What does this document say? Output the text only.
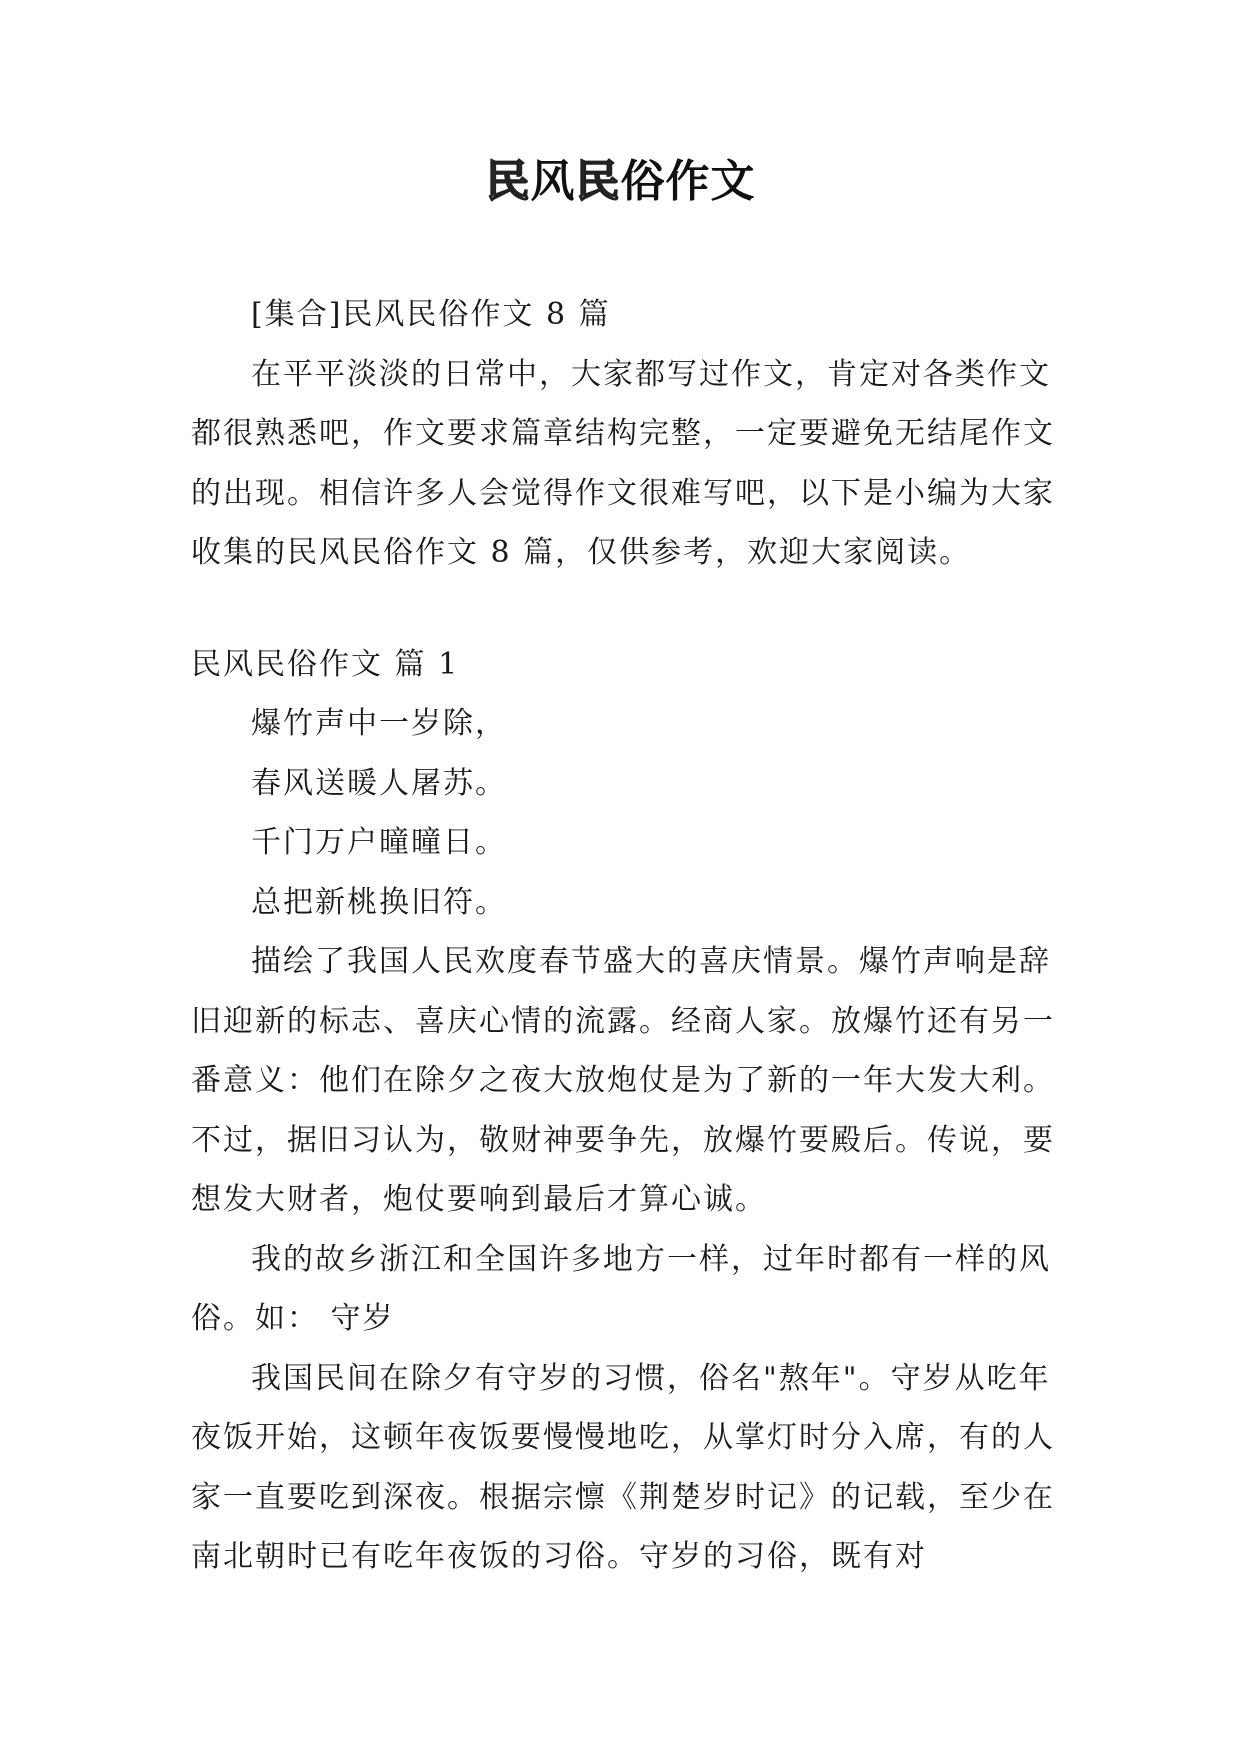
民风民俗作文

[集合]民风民俗作文 8 篇

在平平淡淡的日常中，大家都写过作文，肯定对各类作文都很熟悉吧，作文要求篇章结构完整，一定要避免无结尾作文的出现。相信许多人会觉得作文很难写吧，以下是小编为大家收集的民风民俗作文 8 篇，仅供参考，欢迎大家阅读。

民风民俗作文 篇 1

爆竹声中一岁除，

春风送暖人屠苏。

千门万户曈曈日。

总把新桃换旧符。

描绘了我国人民欢度春节盛大的喜庆情景。爆竹声响是辞旧迎新的标志、喜庆心情的流露。经商人家。放爆竹还有另一番意义：他们在除夕之夜大放炮仗是为了新的一年大发大利。不过，据旧习认为，敬财神要争先，放爆竹要殿后。传说，要想发大财者，炮仗要响到最后才算心诚。

我的故乡浙江和全国许多地方一样，过年时都有一样的风俗。如： 守岁

我国民间在除夕有守岁的习惯，俗名"熬年"。守岁从吃年夜饭开始，这顿年夜饭要慢慢地吃，从掌灯时分入席，有的人家一直要吃到深夜。根据宗懔《荆楚岁时记》的记载，至少在南北朝时已有吃年夜饭的习俗。守岁的习俗，既有对
